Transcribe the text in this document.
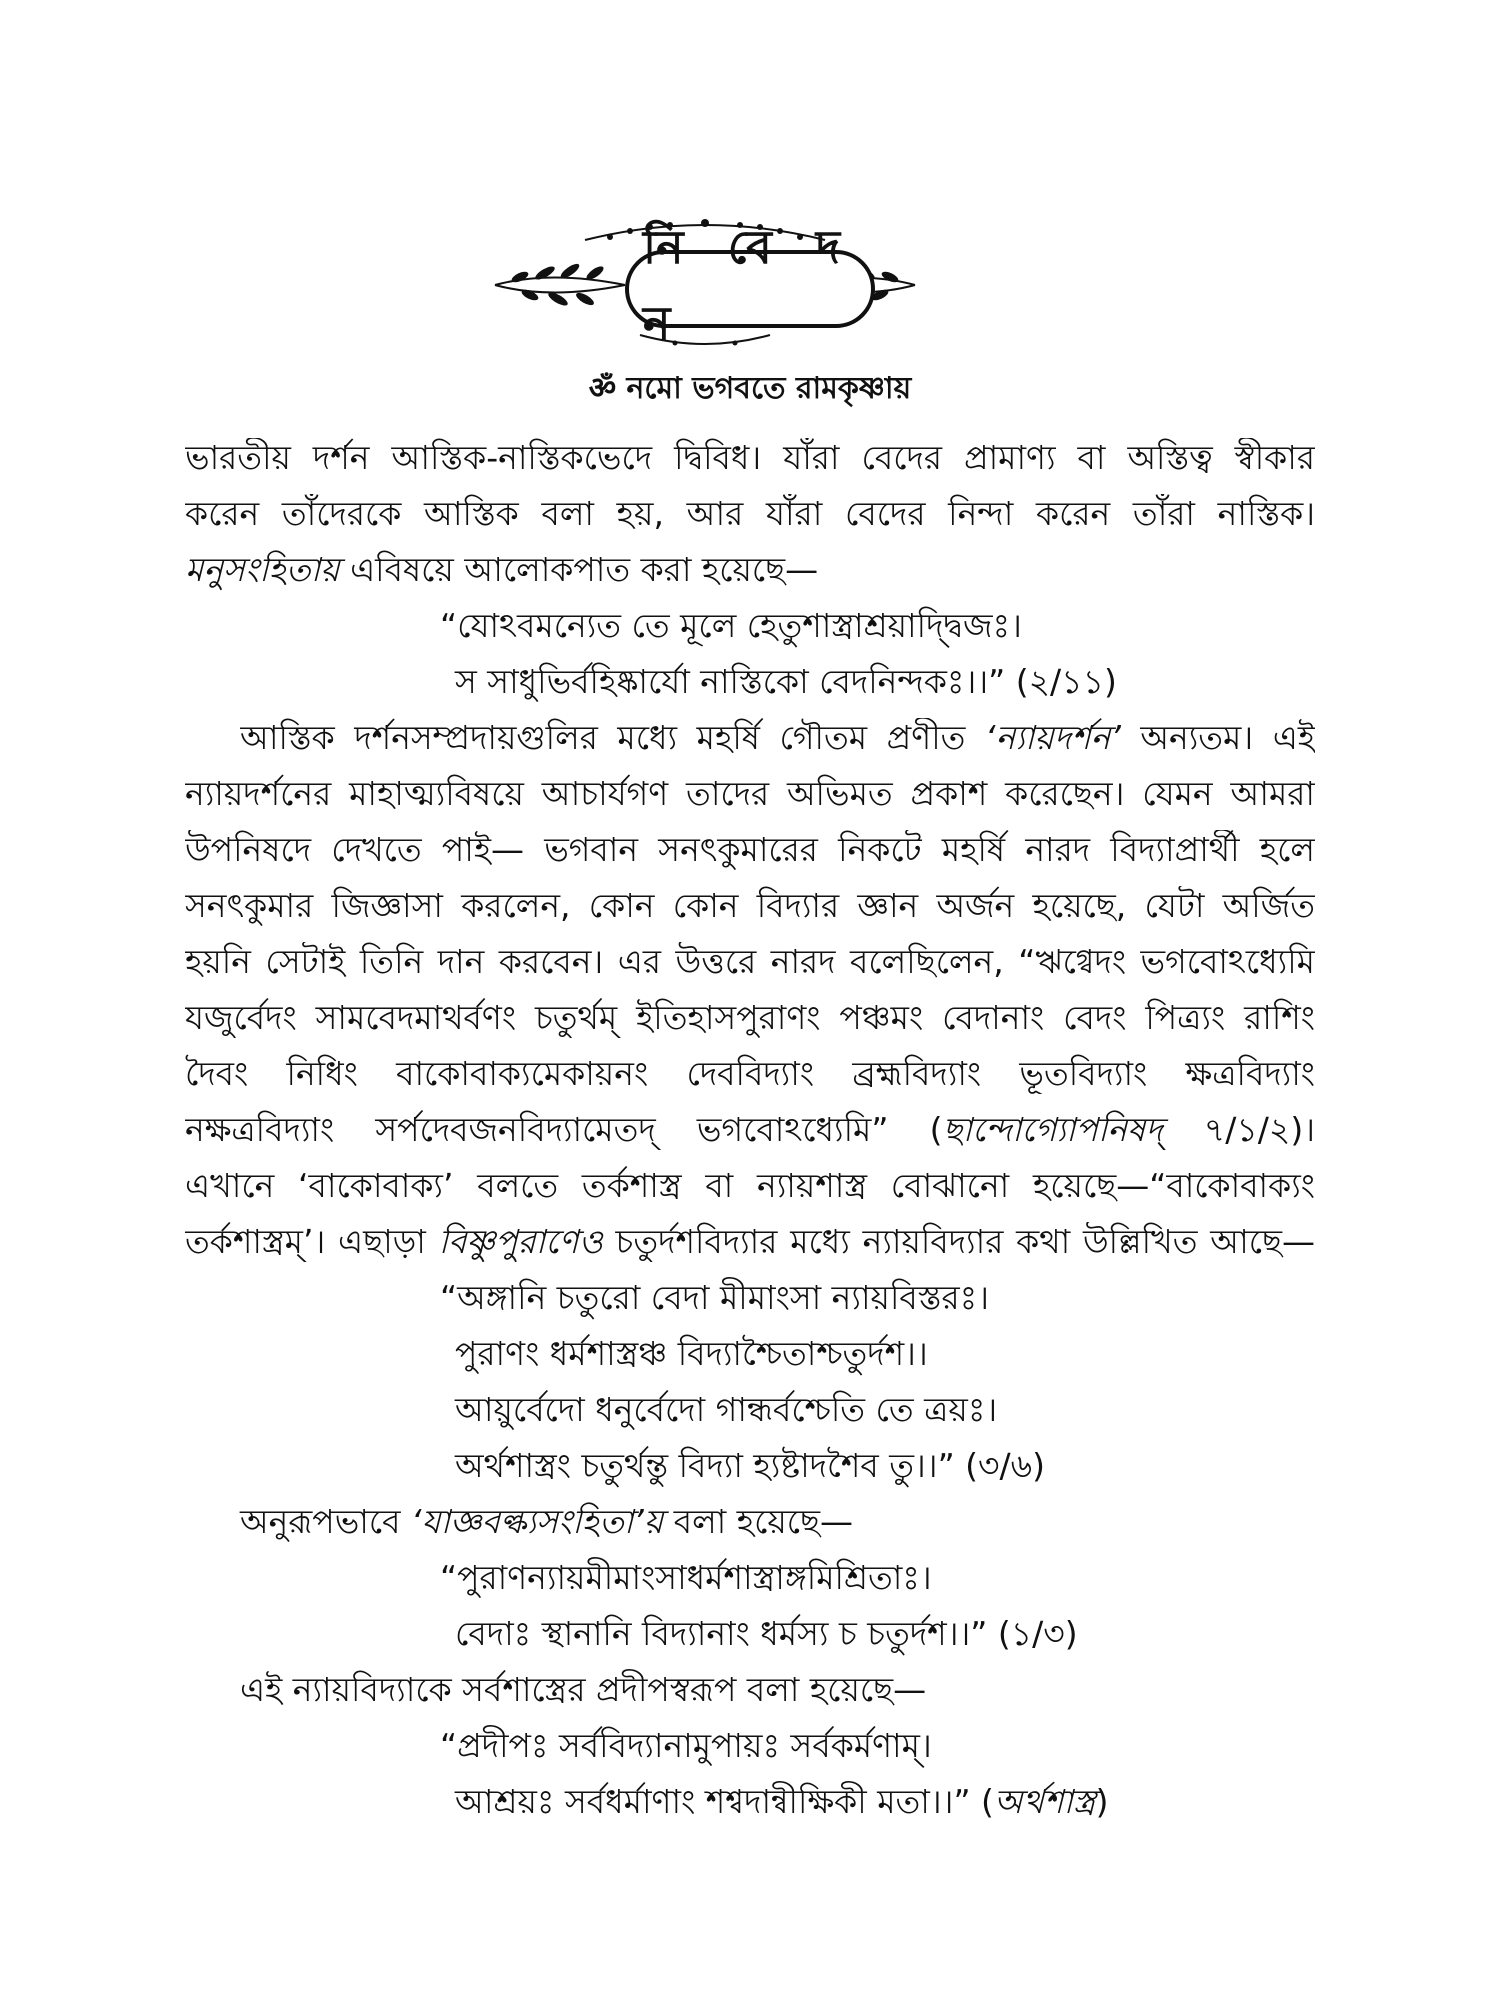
নি বে দ ন
ॐ নমো ভগবতে রামকৃষ্ণায়
ভারতীয় দর্শন আস্তিক-নাস্তিকভেদে দ্বিবিধ। যাঁরা বেদের প্রামাণ্য বা অস্তিত্ব স্বীকার
করেন তাঁদেরকে আস্তিক বলা হয়, আর যাঁরা বেদের নিন্দা করেন তাঁরা নাস্তিক।
মনুসংহিতায় এবিষয়ে আলোকপাত করা হয়েছে—
“যোঽবমন্যেত তে মূলে হেতুশাস্ত্রাশ্রয়াদ্দ্বিজঃ।
স সাধুভির্বহিষ্কার্যো নাস্তিকো বেদনিন্দকঃ।।” (২/১১)
আস্তিক দর্শনসম্প্রদায়গুলির মধ্যে মহর্ষি গৌতম প্রণীত ‘ন্যায়দর্শন’ অন্যতম। এই
ন্যায়দর্শনের মাহাত্ম্যবিষয়ে আচার্যগণ তাদের অভিমত প্রকাশ করেছেন। যেমন আমরা
উপনিষদে দেখতে পাই— ভগবান সনৎকুমারের নিকটে মহর্ষি নারদ বিদ্যাপ্রার্থী হলে
সনৎকুমার জিজ্ঞাসা করলেন, কোন কোন বিদ্যার জ্ঞান অর্জন হয়েছে, যেটা অর্জিত
হয়নি সেটাই তিনি দান করবেন। এর উত্তরে নারদ বলেছিলেন, “ঋগ্বেদং ভগবোঽধ্যেমি
যজুর্বেদং সামবেদমাথর্বণং চতুর্থম্ ইতিহাসপুরাণং পঞ্চমং বেদানাং বেদং পিত্র্যং রাশিং
দৈবং নিধিং বাকোবাক্যমেকায়নং দেববিদ্যাং ব্রহ্মবিদ্যাং ভূতবিদ্যাং ক্ষত্রবিদ্যাং
নক্ষত্রবিদ্যাং সর্পদেবজনবিদ্যামেতদ্ ভগবোঽধ্যেমি” (ছান্দোগ্যোপনিষদ্ ৭/১/২)।
এখানে ‘বাকোবাক্য’ বলতে তর্কশাস্ত্র বা ন্যায়শাস্ত্র বোঝানো হয়েছে—“বাকোবাক্যং
তর্কশাস্ত্রম্’। এছাড়া বিষ্ণুপুরাণেও চতুর্দশবিদ্যার মধ্যে ন্যায়বিদ্যার কথা উল্লিখিত আছে—
“অঙ্গানি চতুরো বেদা মীমাংসা ন্যায়বিস্তরঃ।
পুরাণং ধর্মশাস্ত্রঞ্চ বিদ্যাশ্চৈতাশ্চতুর্দশ।।
আয়ুর্বেদো ধনুর্বেদো গান্ধর্বশ্চেতি তে ত্রয়ঃ।
অর্থশাস্ত্রং চতুর্থন্তু বিদ্যা হ্যষ্টাদশৈব তু।।” (৩/৬)
অনুরূপভাবে ‘যাজ্ঞবল্ক্যসংহিতা’য় বলা হয়েছে—
“পুরাণন্যায়মীমাংসাধর্মশাস্ত্রাঙ্গমিশ্রিতাঃ।
বেদাঃ স্থানানি বিদ্যানাং ধর্মস্য চ চতুর্দশ।।” (১/৩)
এই ন্যায়বিদ্যাকে সর্বশাস্ত্রের প্রদীপস্বরূপ বলা হয়েছে—
“প্রদীপঃ সর্ববিদ্যানামুপায়ঃ সর্বকর্মণাম্।
আশ্রয়ঃ সর্বধর্মাণাং শশ্বদান্বীক্ষিকী মতা।।” (অর্থশাস্ত্র)
